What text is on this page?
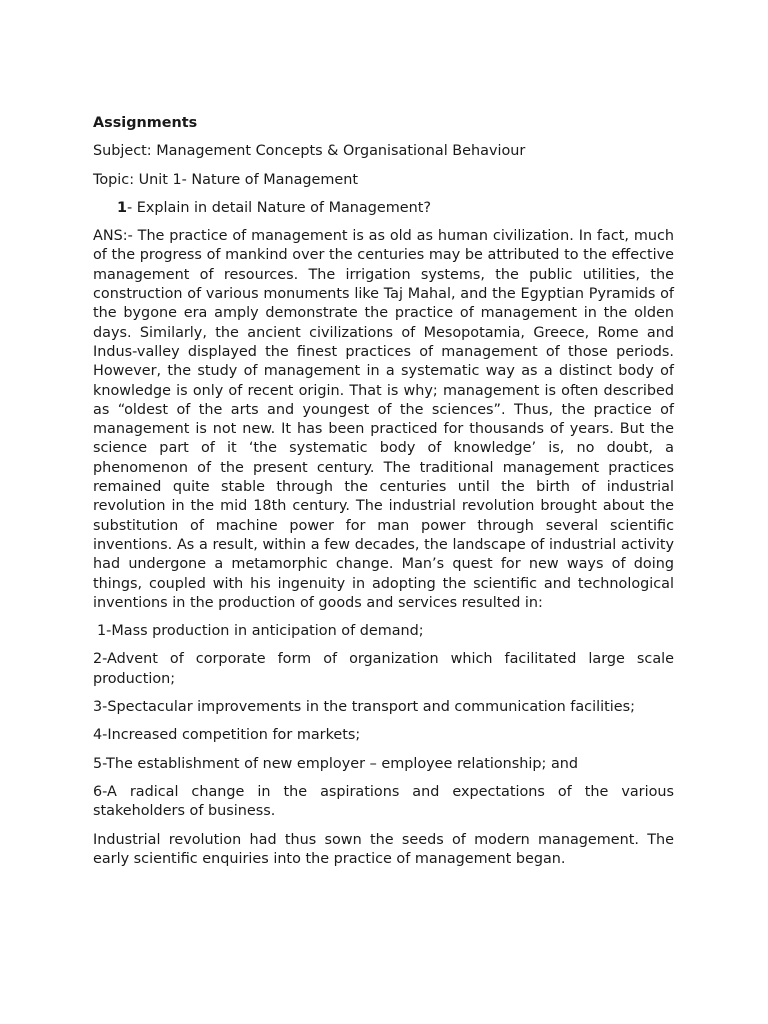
Assignments
Subject: Management Concepts & Organisational Behaviour
Topic: Unit 1- Nature of Management
1- Explain in detail Nature of Management?
ANS:- The practice of management is as old as human civilization. In fact, much of the progress of mankind over the centuries may be attributed to the effective management of resources. The irrigation systems, the public utilities, the construction of various monuments like Taj Mahal, and the Egyptian Pyramids of the bygone era amply demonstrate the practice of management in the olden days. Similarly, the ancient civilizations of Mesopotamia, Greece, Rome and Indus-valley displayed the finest practices of management of those periods. However, the study of management in a systematic way as a distinct body of knowledge is only of recent origin. That is why; management is often described as “oldest of the arts and youngest of the sciences”. Thus, the practice of management is not new. It has been practiced for thousands of years. But the science part of it ‘the systematic body of knowledge’ is, no doubt, a phenomenon of the present century. The traditional management practices remained quite stable through the centuries until the birth of industrial revolution in the mid 18th century. The industrial revolution brought about the substitution of machine power for man power through several scientific inventions. As a result, within a few decades, the landscape of industrial activity had undergone a metamorphic change. Man’s quest for new ways of doing things, coupled with his ingenuity in adopting the scientific and technological inventions in the production of goods and services resulted in:
1-Mass production in anticipation of demand;
2-Advent of corporate form of organization which facilitated large scale production;
3-Spectacular improvements in the transport and communication facilities;
4-Increased competition for markets;
5-The establishment of new employer – employee relationship; and
6-A radical change in the aspirations and expectations of the various stakeholders of business.
Industrial revolution had thus sown the seeds of modern management. The early scientific enquiries into the practice of management began.
